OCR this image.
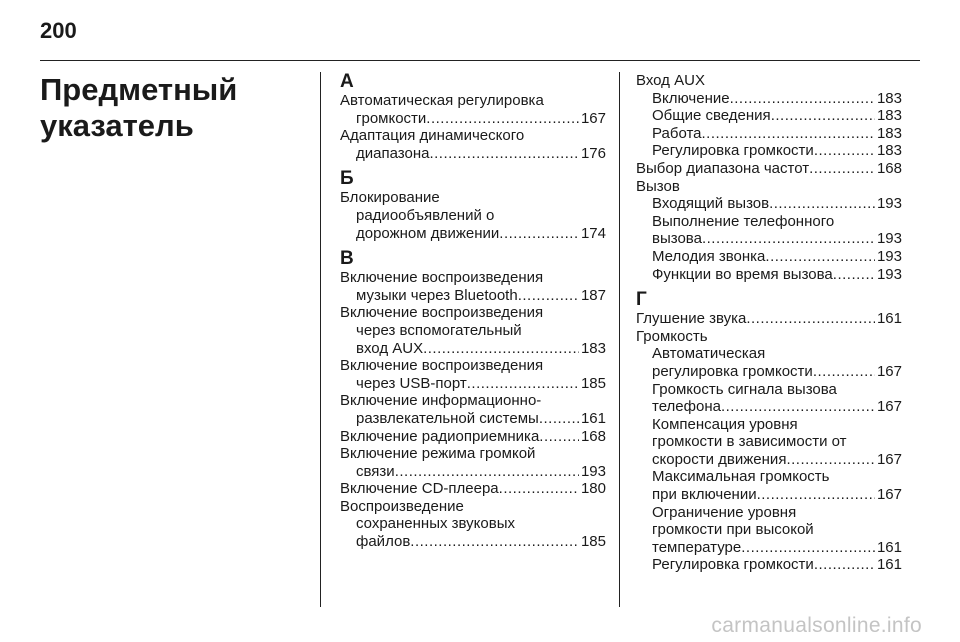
200
Предметный указатель
А
Автоматическая регулировка
громкости .....	167
Адаптация динамического
диапазона .....	176
Б
Блокирование
радиообъявлений о
дорожном движении .....	174
В
Включение воспроизведения
музыки через Bluetooth .....	187
Включение воспроизведения
через вспомогательный
вход AUX .....	183
Включение воспроизведения
через USB-порт .....	185
Включение информационно-
развлекательной системы .....	161
Включение радиоприемника .....	168
Включение режима громкой
связи .....	193
Включение CD-плеера .....	180
Воспроизведение
сохраненных звуковых
файлов .....	185
Вход AUX
Включение .....	183
Общие сведения .....	183
Работа .....	183
Регулировка громкости .....	183
Выбор диапазона частот .....	168
Вызов
Входящий вызов .....	193
Выполнение телефонного
вызова .....	193
Мелодия звонка .....	193
Функции во время вызова .....	193
Г
Глушение звука .....	161
Громкость
Автоматическая
регулировка громкости .....	167
Громкость сигнала вызова
телефона .....	167
Компенсация уровня
громкости в зависимости от
скорости движения .....	167
Максимальная громкость
при включении .....	167
Ограничение уровня
громкости при высокой
температуре .....	161
Регулировка громкости .....	161
carmanualsonline.info
